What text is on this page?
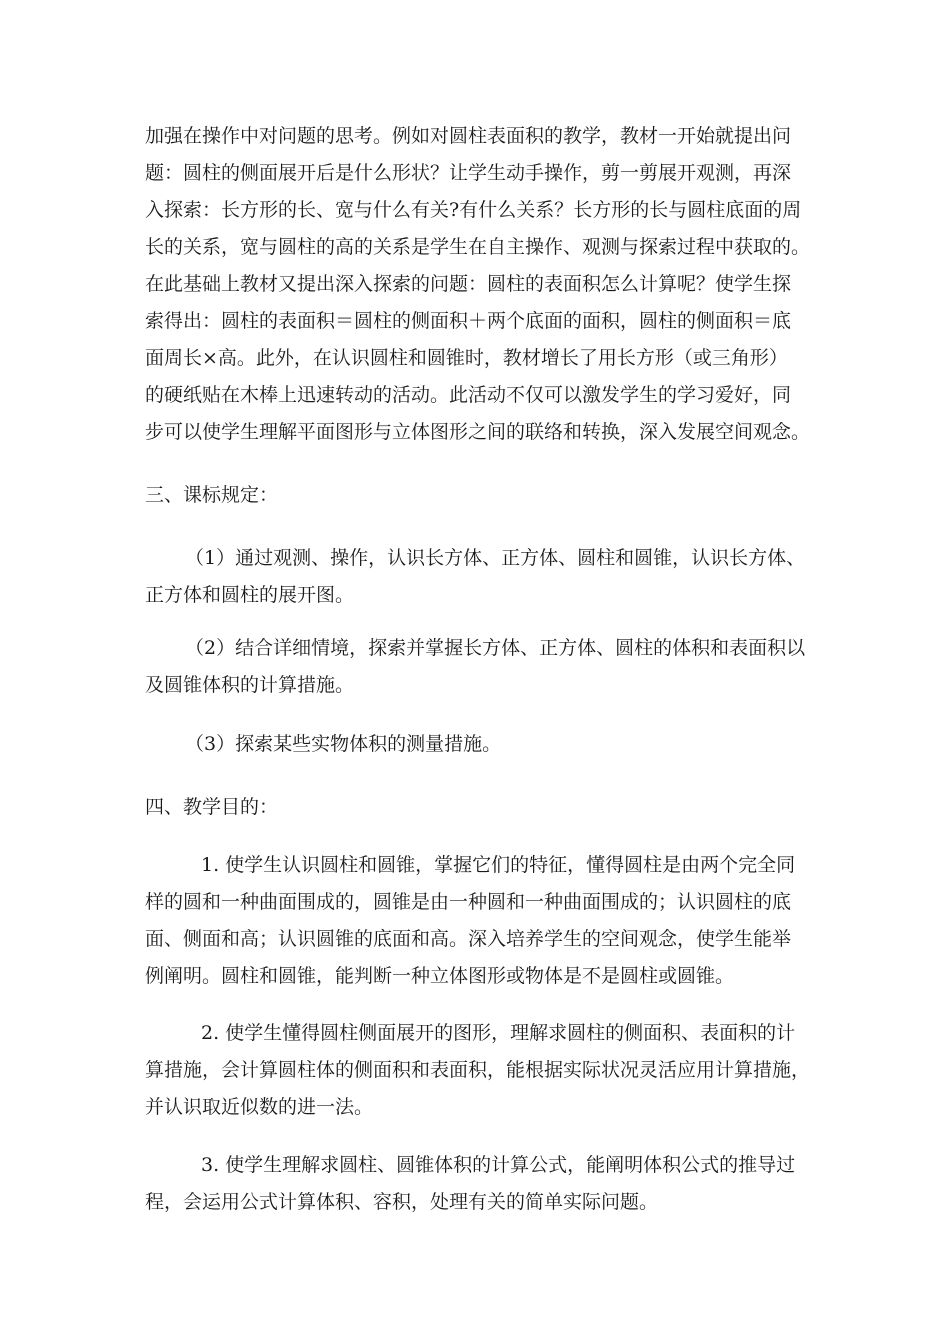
加强在操作中对问题的思考。例如对圆柱表面积的教学，教材一开始就提出问
题：圆柱的侧面展开后是什么形状？让学生动手操作，剪一剪展开观测，再深
入探索：长方形的长、宽与什么有关?有什么关系？长方形的长与圆柱底面的周
长的关系，宽与圆柱的高的关系是学生在自主操作、观测与探索过程中获取的。
在此基础上教材又提出深入探索的问题：圆柱的表面积怎么计算呢？使学生探
索得出：圆柱的表面积＝圆柱的侧面积＋两个底面的面积，圆柱的侧面积＝底
面周长×高。此外，在认识圆柱和圆锥时，教材增长了用长方形（或三角形）
的硬纸贴在木棒上迅速转动的活动。此活动不仅可以激发学生的学习爱好，同
步可以使学生理解平面图形与立体图形之间的联络和转换，深入发展空间观念。
三、课标规定：
（1）通过观测、操作，认识长方体、正方体、圆柱和圆锥，认识长方体、
正方体和圆柱的展开图。
（2）结合详细情境，探索并掌握长方体、正方体、圆柱的体积和表面积以
及圆锥体积的计算措施。
（3）探索某些实物体积的测量措施。
四、教学目的：
1. 使学生认识圆柱和圆锥，掌握它们的特征，懂得圆柱是由两个完全同
样的圆和一种曲面围成的，圆锥是由一种圆和一种曲面围成的；认识圆柱的底
面、侧面和高；认识圆锥的底面和高。深入培养学生的空间观念，使学生能举
例阐明。圆柱和圆锥，能判断一种立体图形或物体是不是圆柱或圆锥。
2. 使学生懂得圆柱侧面展开的图形，理解求圆柱的侧面积、表面积的计
算措施，会计算圆柱体的侧面积和表面积，能根据实际状况灵活应用计算措施，
并认识取近似数的进一法。
3. 使学生理解求圆柱、圆锥体积的计算公式，能阐明体积公式的推导过
程，会运用公式计算体积、容积，处理有关的简单实际问题。
